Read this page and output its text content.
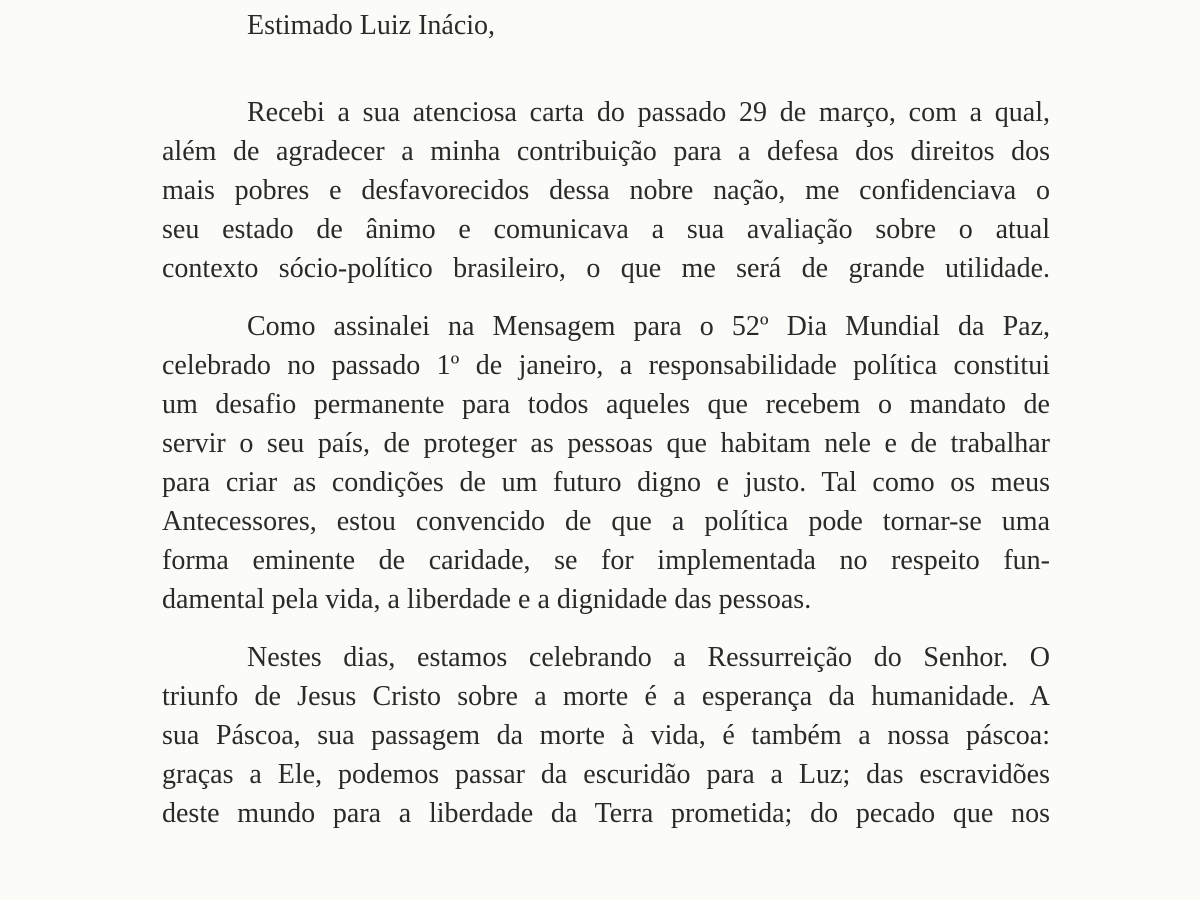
Estimado Luiz Inácio,

Recebi a sua atenciosa carta do passado 29 de março, com a qual,
além de agradecer a minha contribuição para a defesa dos direitos dos
mais pobres e desfavorecidos dessa nobre nação, me confidenciava o
seu estado de ânimo e comunicava a sua avaliação sobre o atual
contexto sócio-político brasileiro, o que me será de grande utilidade.
Como assinalei na Mensagem para o 52º Dia Mundial da Paz,
celebrado no passado 1º de janeiro, a responsabilidade política constitui
um desafio permanente para todos aqueles que recebem o mandato de
servir o seu país, de proteger as pessoas que habitam nele e de trabalhar
para criar as condições de um futuro digno e justo. Tal como os meus
Antecessores, estou convencido de que a política pode tornar-se uma
forma eminente de caridade, se for implementada no respeito fun-
damental pela vida, a liberdade e a dignidade das pessoas.
Nestes dias, estamos celebrando a Ressurreição do Senhor. O
triunfo de Jesus Cristo sobre a morte é a esperança da humanidade. A
sua Páscoa, sua passagem da morte à vida, é também a nossa páscoa:
graças a Ele, podemos passar da escuridão para a Luz; das escravidões
deste mundo para a liberdade da Terra prometida; do pecado que nos
